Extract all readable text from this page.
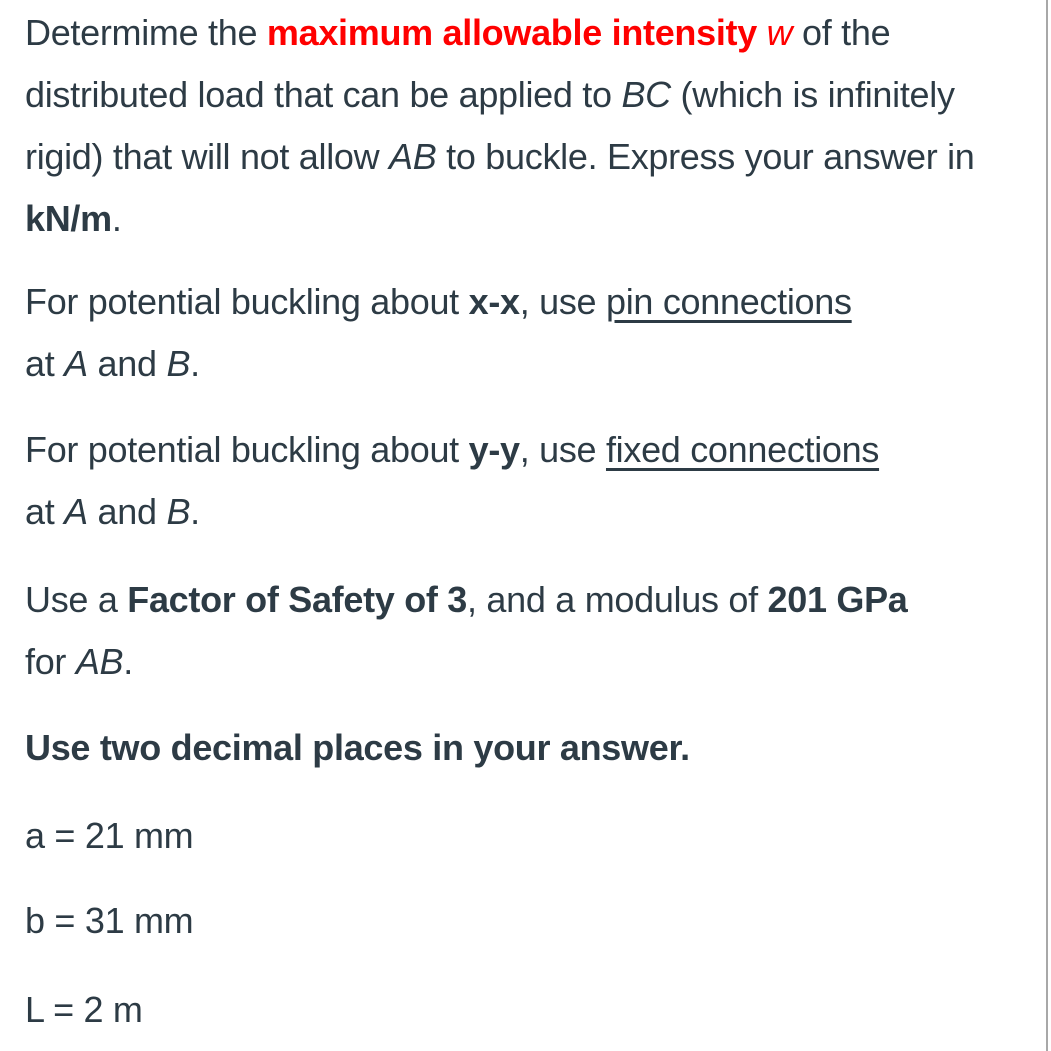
Determime the maximum allowable intensity w of the distributed load that can be applied to BC (which is infinitely rigid) that will not allow AB to buckle. Express your answer in kN/m.

For potential buckling about x-x, use pin connections
at A and B.

For potential buckling about y-y, use fixed connections
at A and B.

Use a Factor of Safety of 3, and a modulus of 201 GPa
for AB.

Use two decimal places in your answer.

a = 21 mm

b = 31 mm

L = 2 m
